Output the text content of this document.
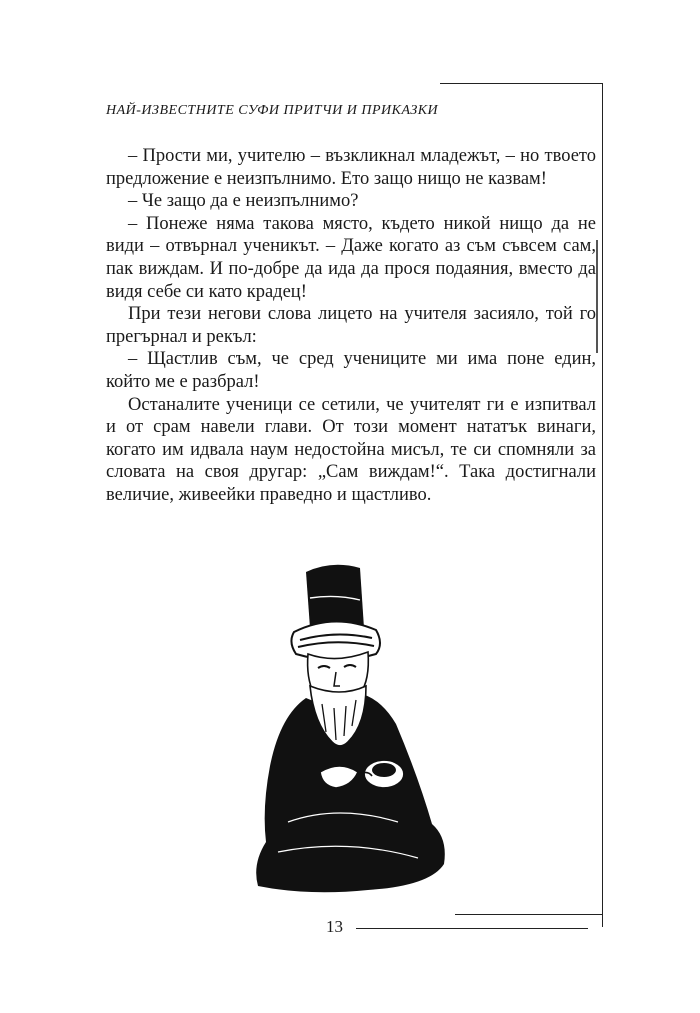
НАЙ-ИЗВЕСТНИТЕ СУФИ ПРИТЧИ И ПРИКАЗКИ

– Прости ми, учителю – възкликнал младежът, – но твоето предложение е неизпълнимо. Ето защо нищо не казвам!

– Че защо да е неизпълнимо?

– Понеже няма такова място, където никой нищо да не види – отвърнал ученикът. – Даже когато аз съм съвсем сам, пак виждам. И по-добре да ида да прося подаяния, вместо да видя себе си като крадец!

При тези негови слова лицето на учителя засияло, той го прегърнал и рекъл:

– Щастлив съм, че сред учениците ми има поне един, който ме е разбрал!

Останалите ученици се сетили, че учителят ги е изпитвал и от срам навели глави. От този момент нататък винаги, когато им идвала наум недостойна мисъл, те си спомняли за словата на своя другар: „Сам виждам!“. Така достигнали величие, живеейки праведно и щастливо.

13
